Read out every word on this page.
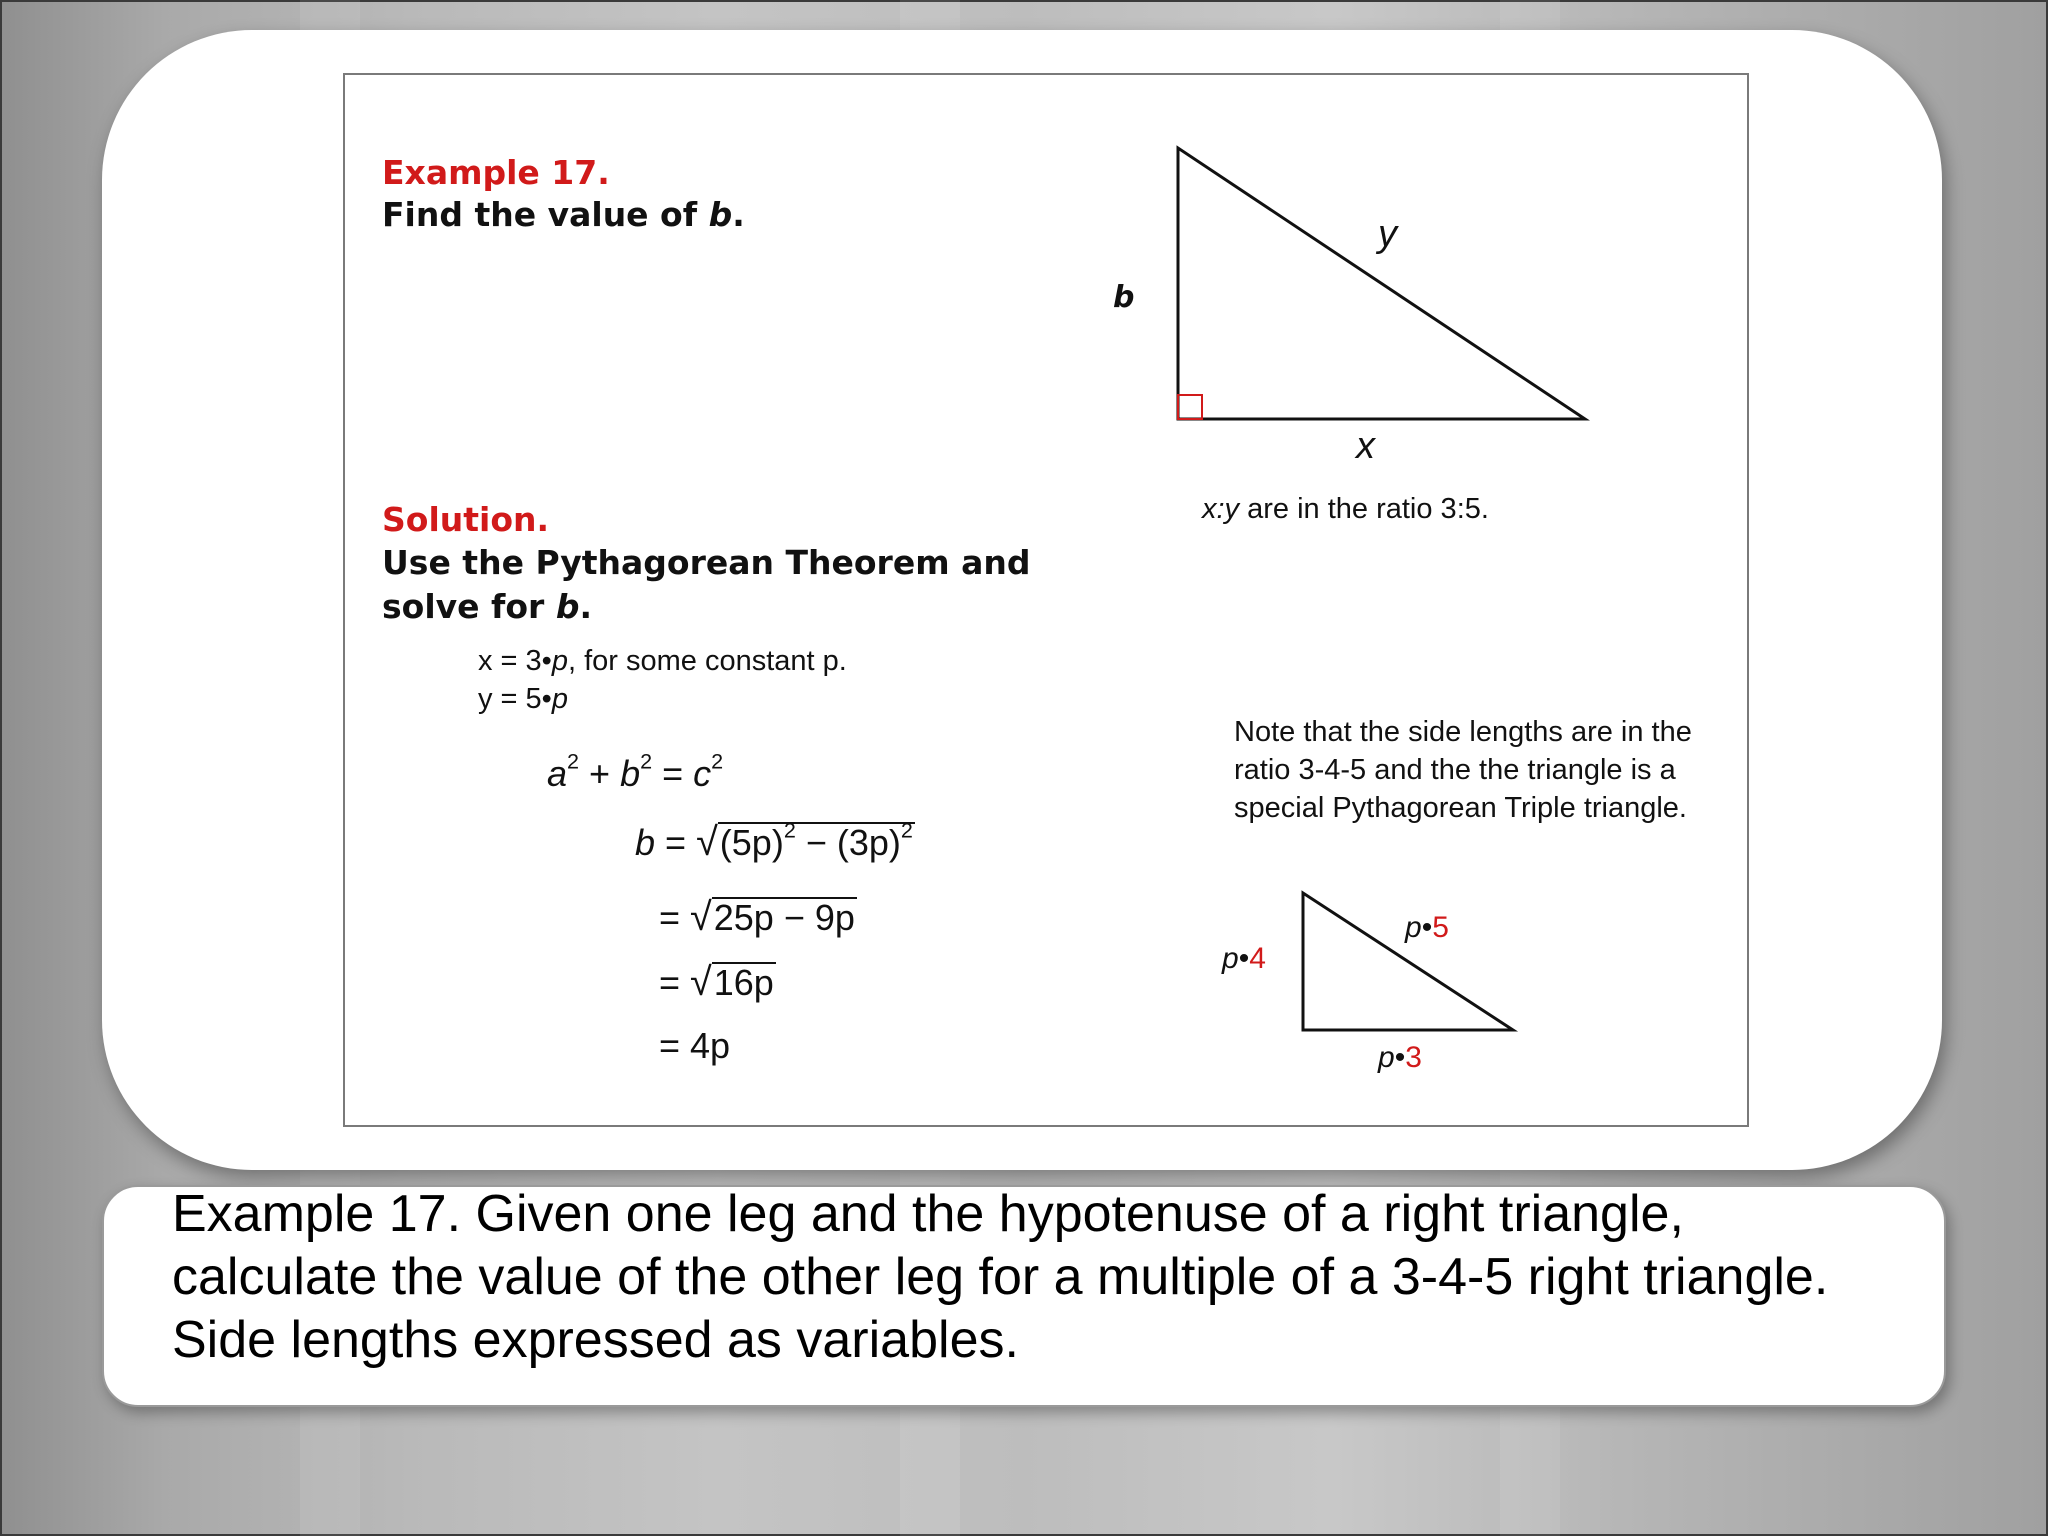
Example 17.
Find the value of b.
Solution.
Use the Pythagorean Theorem and
solve for b.
x = 3•p, for some constant p.
y = 5•p
$a^2 + b^2 = c^2$
$b = √(5p)^2 - (3p)^2$
= √25p − 9p
= √16p
= 4p
b
y
x
x:y are in the ratio 3:5.
Note that the side lengths are in the ratio 3-4-5 and the the triangle is a special Pythagorean Triple triangle.
p•4
p•5
p•3
Example 17. Given one leg and the hypotenuse of a right triangle, calculate the value of the other leg for a multiple of a 3-4-5 right triangle. Side lengths expressed as variables.
